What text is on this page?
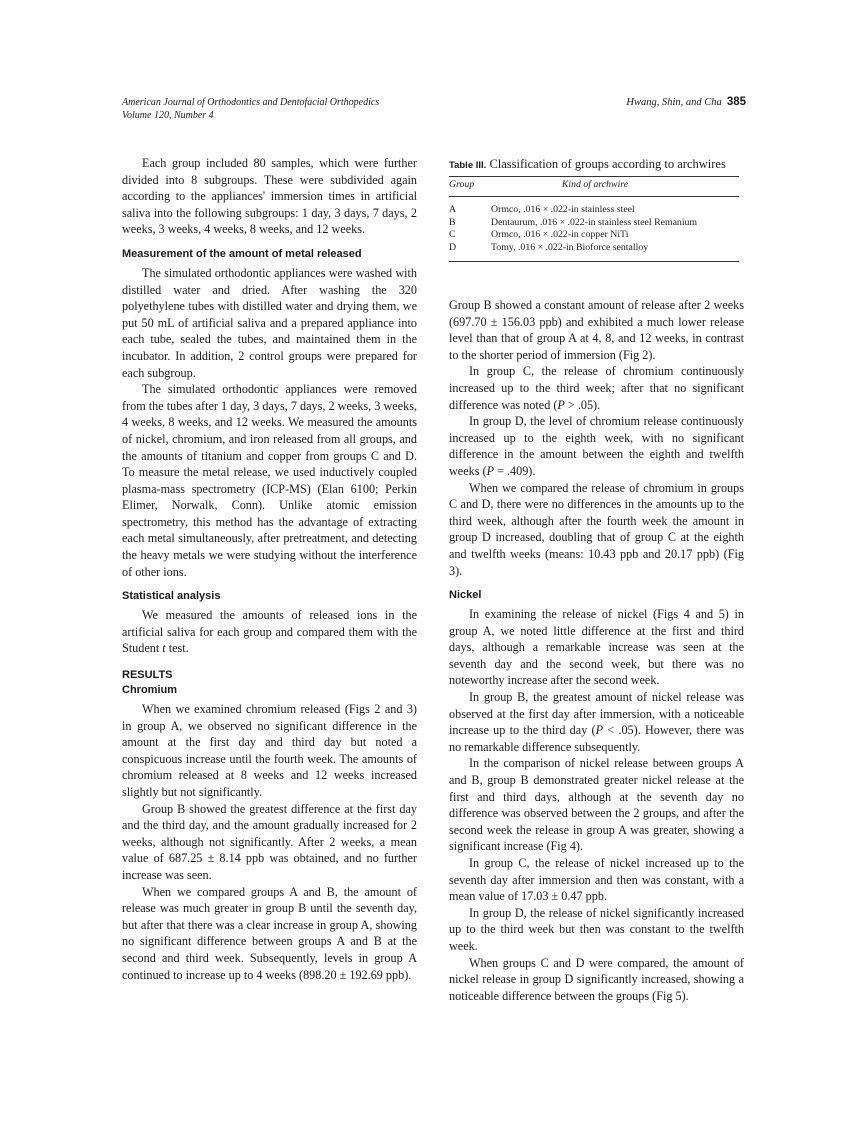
American Journal of Orthodontics and Dentofacial Orthopedics
Volume 120, Number 4
Hwang, Shin, and Cha 385

Each group included 80 samples, which were further divided into 8 subgroups. These were subdivided again according to the appliances' immersion times in artificial saliva into the following subgroups: 1 day, 3 days, 7 days, 2 weeks, 3 weeks, 4 weeks, 8 weeks, and 12 weeks.

Measurement of the amount of metal released

The simulated orthodontic appliances were washed with distilled water and dried. After washing the 320 polyethylene tubes with distilled water and drying them, we put 50 mL of artificial saliva and a prepared appliance into each tube, sealed the tubes, and maintained them in the incubator. In addition, 2 control groups were prepared for each subgroup.

The simulated orthodontic appliances were removed from the tubes after 1 day, 3 days, 7 days, 2 weeks, 3 weeks, 4 weeks, 8 weeks, and 12 weeks. We measured the amounts of nickel, chromium, and iron released from all groups, and the amounts of titanium and copper from groups C and D. To measure the metal release, we used inductively coupled plasma-mass spectrometry (ICP-MS) (Elan 6100; Perkin Elimer, Norwalk, Conn). Unlike atomic emission spectrometry, this method has the advantage of extracting each metal simultaneously, after pretreatment, and detecting the heavy metals we were studying without the interference of other ions.

Statistical analysis

We measured the amounts of released ions in the artificial saliva for each group and compared them with the Student t test.

RESULTS
Chromium

When we examined chromium released (Figs 2 and 3) in group A, we observed no significant difference in the amount at the first day and third day but noted a conspicuous increase until the fourth week. The amounts of chromium released at 8 weeks and 12 weeks increased slightly but not significantly.

Group B showed the greatest difference at the first day and the third day, and the amount gradually increased for 2 weeks, although not significantly. After 2 weeks, a mean value of 687.25 ± 8.14 ppb was obtained, and no further increase was seen.

When we compared groups A and B, the amount of release was much greater in group B until the seventh day, but after that there was a clear increase in group A, showing no significant difference between groups A and B at the second and third week. Subsequently, levels in group A continued to increase up to 4 weeks (898.20 ± 192.69 ppb).

Table III. Classification of groups according to archwires
Group	Kind of archwire
A	Ormco, .016 × .022-in stainless steel
B	Dentaurum, .016 × .022-in stainless steel Remanium
C	Ormco, .016 × .022-in copper NiTi
D	Tomy, .016 × .022-in Bioforce sentalloy

Group B showed a constant amount of release after 2 weeks (697.70 ± 156.03 ppb) and exhibited a much lower release level than that of group A at 4, 8, and 12 weeks, in contrast to the shorter period of immersion (Fig 2).

In group C, the release of chromium continuously increased up to the third week; after that no significant difference was noted (P > .05).

In group D, the level of chromium release continuously increased up to the eighth week, with no significant difference in the amount between the eighth and twelfth weeks (P = .409).

When we compared the release of chromium in groups C and D, there were no differences in the amounts up to the third week, although after the fourth week the amount in group D increased, doubling that of group C at the eighth and twelfth weeks (means: 10.43 ppb and 20.17 ppb) (Fig 3).

Nickel

In examining the release of nickel (Figs 4 and 5) in group A, we noted little difference at the first and third days, although a remarkable increase was seen at the seventh day and the second week, but there was no noteworthy increase after the second week.

In group B, the greatest amount of nickel release was observed at the first day after immersion, with a noticeable increase up to the third day (P < .05). However, there was no remarkable difference subsequently.

In the comparison of nickel release between groups A and B, group B demonstrated greater nickel release at the first and third days, although at the seventh day no difference was observed between the 2 groups, and after the second week the release in group A was greater, showing a significant increase (Fig 4).

In group C, the release of nickel increased up to the seventh day after immersion and then was constant, with a mean value of 17.03 ± 0.47 ppb.

In group D, the release of nickel significantly increased up to the third week but then was constant to the twelfth week.

When groups C and D were compared, the amount of nickel release in group D significantly increased, showing a noticeable difference between the groups (Fig 5).
